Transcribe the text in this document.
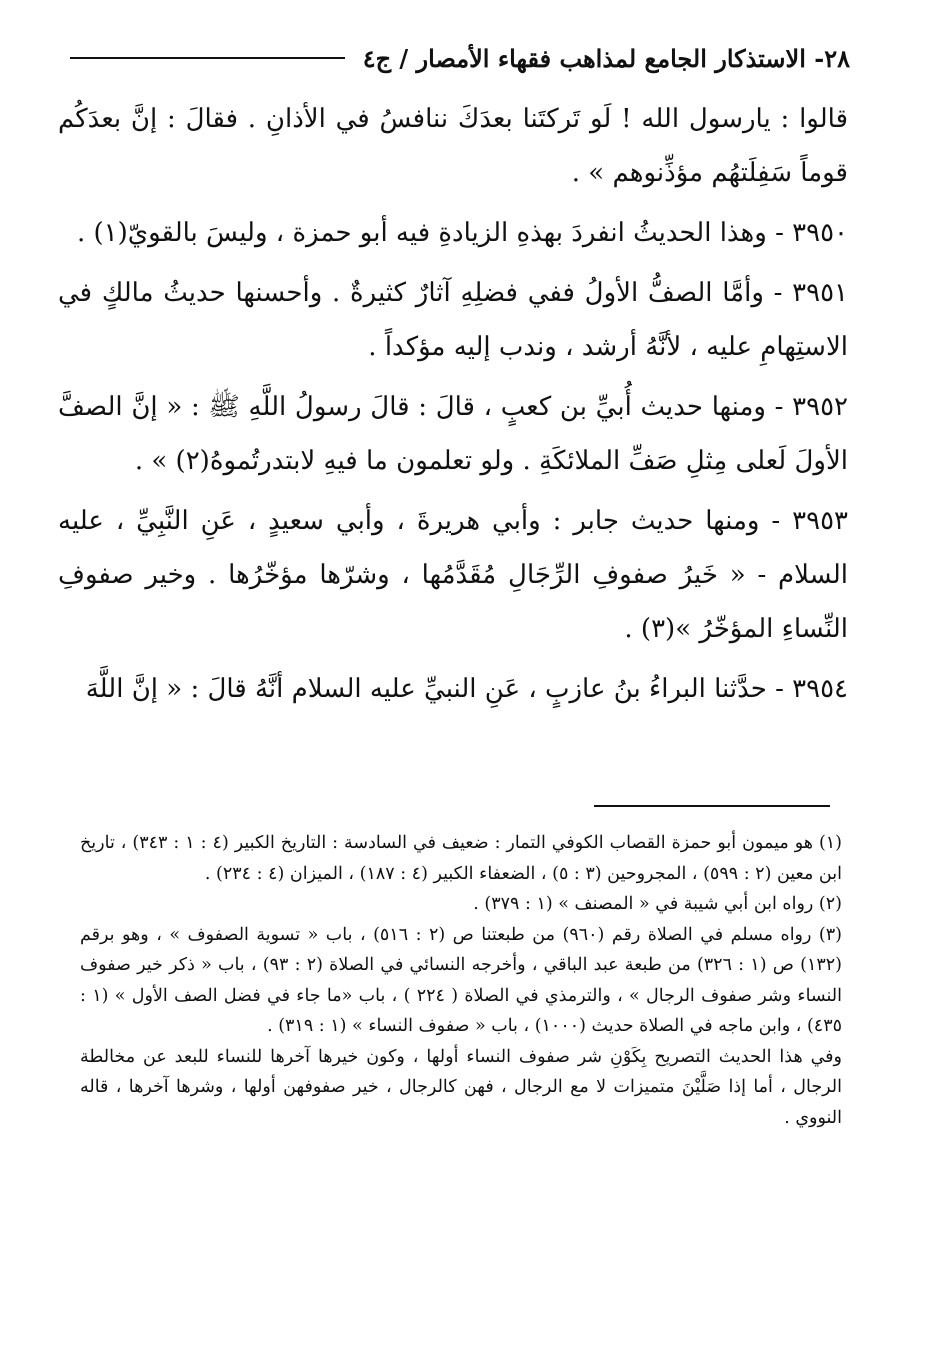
٢٨- الاستذكار الجامع لمذاهب فقهاء الأمصار / ج٤

قالوا : يارسول الله ! لَو تَركتَنا بعدَكَ ننافسُ في الأذانِ . فقالَ : إنَّ بعدَكُم قوماً سَفِلَتهُم مؤذِّنوهم » .

٣٩٥٠ - وهذا الحديثُ انفردَ بهذهِ الزيادةِ فيه أبو حمزة ، وليسَ بالقويّ(١) .

٣٩٥١ - وأمَّا الصفُّ الأولُ ففي فضلِهِ آثارٌ كثيرةٌ . وأحسنها حديثُ مالكٍ في الاستِهامِ عليه ، لأنَّهُ أرشد ، وندب إليه مؤكداً .

٣٩٥٢ - ومنها حديث أُبيِّ بن كعبٍ ، قالَ : قالَ رسولُ اللَّهِ ﷺ : « إنَّ الصفَّ الأولَ لَعلى مِثلِ صَفِّ الملائكَةِ . ولو تعلمون ما فيهِ لابتدرتُموهُ(٢) » .

٣٩٥٣ - ومنها حديث جابر : وأبي هريرةَ ، وأبي سعيدٍ ، عَنِ النَّبِيِّ ، عليه السلام - « خَيرُ صفوفِ الرِّجَالِ مُقَدَّمُها ، وشرّها مؤخّرُها . وخير صفوفِ النِّساءِ المؤخّرُ »(٣) .

٣٩٥٤ - حدَّثنا البراءُ بنُ عازبٍ ، عَنِ النبيِّ عليه السلام أنَّهُ قالَ : « إنَّ اللَّهَ

(١) هو ميمون أبو حمزة القصاب الكوفي التمار : ضعيف في السادسة : التاريخ الكبير (٤ : ١ : ٣٤٣) ، تاريخ ابن معين (٢ : ٥٩٩) ، المجروحين (٣ : ٥) ، الضعفاء الكبير (٤ : ١٨٧) ، الميزان (٤ : ٢٣٤) .

(٢) رواه ابن أبي شيبة في « المصنف » (١ : ٣٧٩) .

(٣) رواه مسلم في الصلاة رقم (٩٦٠) من طبعتنا ص (٢ : ٥١٦) ، باب « تسوية الصفوف » ، وهو برقم (١٣٢) ص (١ : ٣٢٦) من طبعة عبد الباقي ، وأخرجه النسائي في الصلاة (٢ : ٩٣) ، باب « ذكر خير صفوف النساء وشر صفوف الرجال » ، والترمذي في الصلاة ( ٢٢٤ ) ، باب «ما جاء في فضل الصف الأول » (١ : ٤٣٥) ، وابن ماجه في الصلاة حديث (١٠٠٠) ، باب « صفوف النساء » (١ : ٣١٩) .

وفي هذا الحديث التصريح بِكَوْنِ شر صفوف النساء أولها ، وكون خيرها آخرها للنساء للبعد عن مخالطة الرجال ، أما إذا صَلَّيْنَ متميزات لا مع الرجال ، فهن كالرجال ، خير صفوفهن أولها ، وشرها آخرها ، قاله النووي .
